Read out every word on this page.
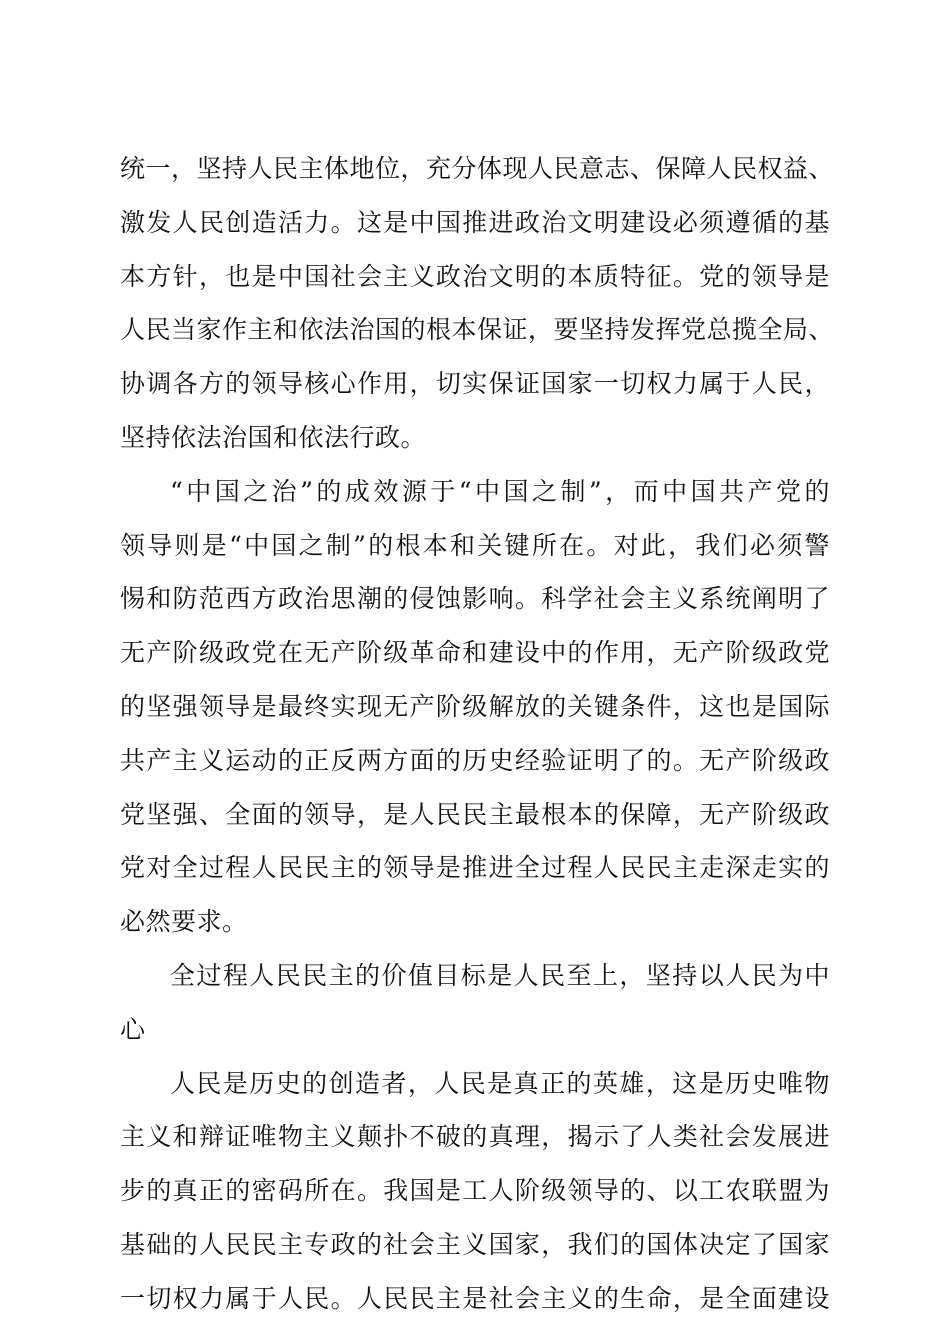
统一，坚持人民主体地位，充分体现人民意志、保障人民权益、
激发人民创造活力。这是中国推进政治文明建设必须遵循的基
本方针，也是中国社会主义政治文明的本质特征。党的领导是
人民当家作主和依法治国的根本保证，要坚持发挥党总揽全局、
协调各方的领导核心作用，切实保证国家一切权力属于人民，
坚持依法治国和依法行政。
“中国之治”的成效源于“中国之制”，而中国共产党的
领导则是“中国之制”的根本和关键所在。对此，我们必须警
惕和防范西方政治思潮的侵蚀影响。科学社会主义系统阐明了
无产阶级政党在无产阶级革命和建设中的作用，无产阶级政党
的坚强领导是最终实现无产阶级解放的关键条件，这也是国际
共产主义运动的正反两方面的历史经验证明了的。无产阶级政
党坚强、全面的领导，是人民民主最根本的保障，无产阶级政
党对全过程人民民主的领导是推进全过程人民民主走深走实的
必然要求。
全过程人民民主的价值目标是人民至上，坚持以人民为中
心
人民是历史的创造者，人民是真正的英雄，这是历史唯物
主义和辩证唯物主义颠扑不破的真理，揭示了人类社会发展进
步的真正的密码所在。我国是工人阶级领导的、以工农联盟为
基础的人民民主专政的社会主义国家，我们的国体决定了国家
一切权力属于人民。人民民主是社会主义的生命，是全面建设
